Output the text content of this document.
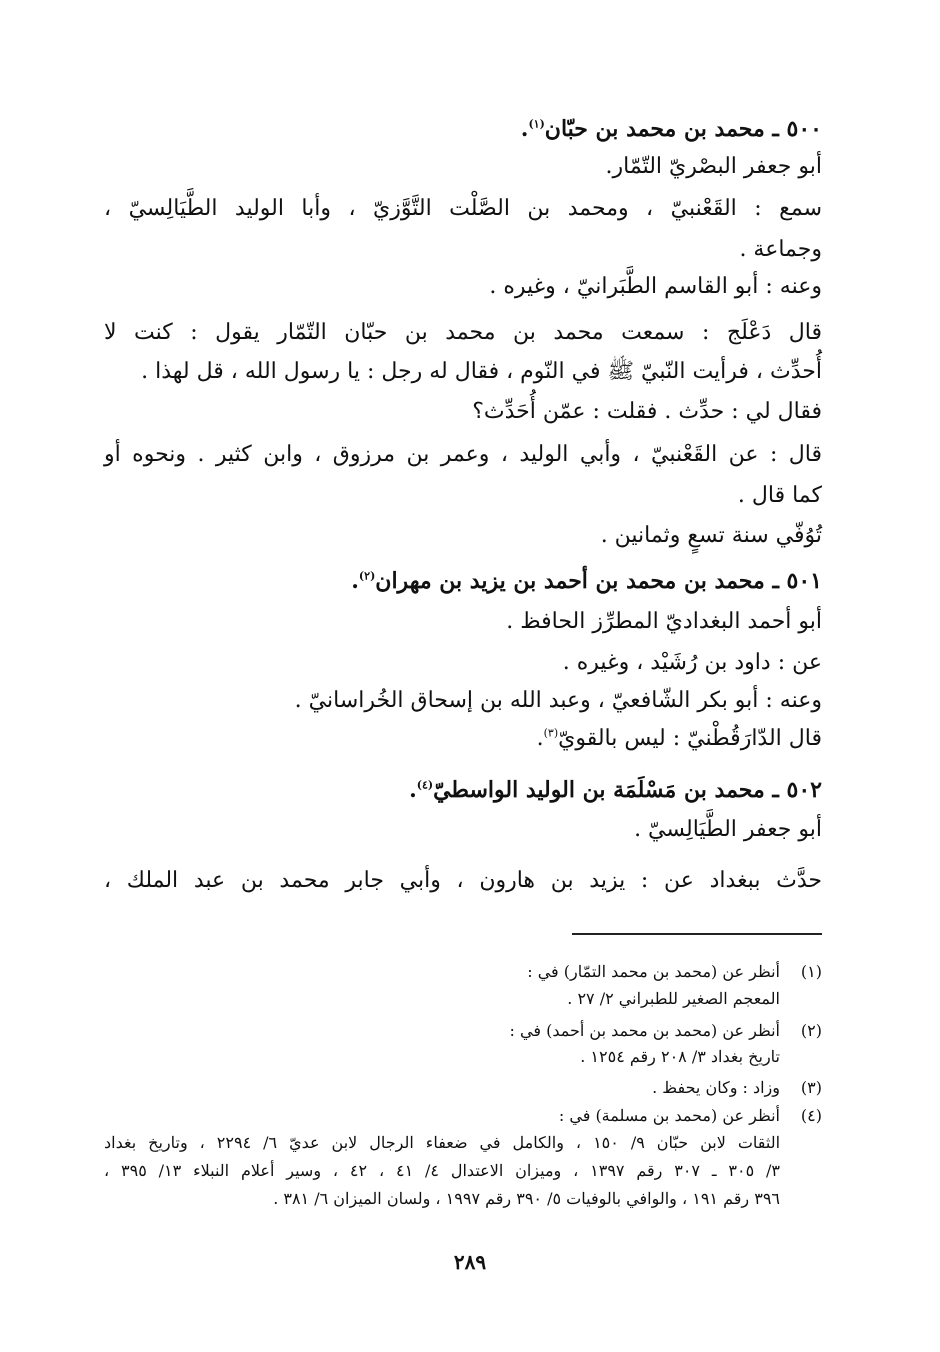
٥٠٠ ـ محمد بن محمد بن حبّان$^{(١)}$.
أبو جعفر البصْريّ التّمّار.
سمع : القَعْنبيّ ، ومحمد بن الصَّلْت التَّوَّزيّ ، وأبا الوليد الطَّيَالِسيّ ،
وجماعة .
وعنه : أبو القاسم الطَّبَرانيّ ، وغيره .
قال دَعْلَج : سمعت محمد بن محمد بن حبّان التّمّار يقول : كنت لا
أُحدِّث ، فرأيت النّبيّ ﷺ في النّوم ، فقال له رجل : يا رسول الله ، قل لهذا .
فقال لي : حدِّث . فقلت : عمّن أُحَدِّث؟
قال : عن القَعْنبيّ ، وأبي الوليد ، وعمر بن مرزوق ، وابن كثير . ونحوه أو
كما قال .
تُوُفّي سنة تسعٍ وثمانين .
٥٠١ ـ محمد بن محمد بن أحمد بن يزيد بن مهران$^{(٢)}$.
أبو أحمد البغداديّ المطرِّز الحافظ .
عن : داود بن رُشَيْد ، وغيره .
وعنه : أبو بكر الشّافعيّ ، وعبد الله بن إسحاق الخُراسانيّ .
قال الدّارَقُطْنيّ : ليس بالقويّ$^{(٣)}$.
٥٠٢ ـ محمد بن مَسْلَمَة بن الوليد الواسطيّ$^{(٤)}$.
أبو جعفر الطَّيَالِسيّ .
حدَّث ببغداد عن : يزيد بن هارون ، وأبي جابر محمد بن عبد الملك ،
(١)
أنظر عن (محمد بن محمد التمّار) في :
المعجم الصغير للطبراني ٢/ ٢٧ .
(٢)
أنظر عن (محمد بن محمد بن أحمد) في :
تاريخ بغداد ٣/ ٢٠٨ رقم ١٢٥٤ .
(٣)
وزاد : وكان يحفظ .
(٤)
أنظر عن (محمد بن مسلمة) في :
الثقات لابن حبّان ٩/ ١٥٠ ، والكامل في ضعفاء الرجال لابن عديّ ٦/ ٢٢٩٤ ، وتاريخ بغداد
٣/ ٣٠٥ ـ ٣٠٧ رقم ١٣٩٧ ، وميزان الاعتدال ٤/ ٤١ ، ٤٢ ، وسير أعلام النبلاء ١٣/ ٣٩٥ ،
٣٩٦ رقم ١٩١ ، والوافي بالوفيات ٥/ ٣٩٠ رقم ١٩٩٧ ، ولسان الميزان ٦/ ٣٨١ .
٢٨٩
